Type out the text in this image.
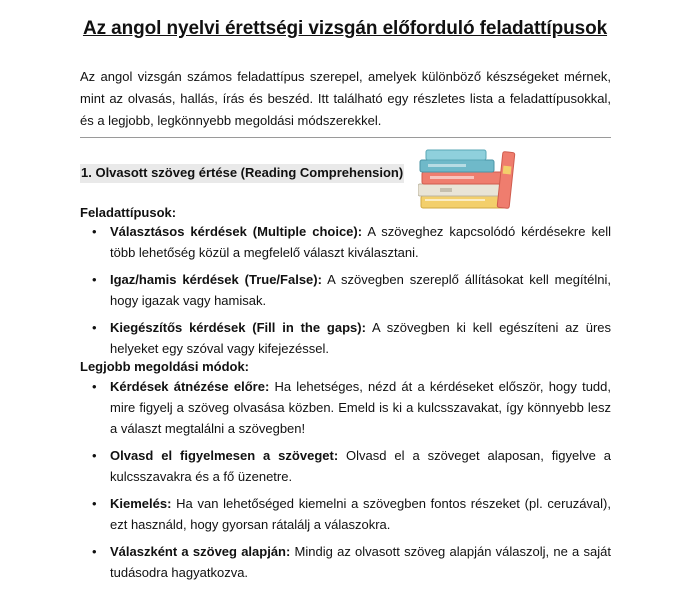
Az angol nyelvi érettségi vizsgán előforduló feladattípusok
Az angol vizsgán számos feladattípus szerepel, amelyek különböző készségeket mérnek, mint az olvasás, hallás, írás és beszéd. Itt található egy részletes lista a feladattípusokkal, és a legjobb, legkönnyebb megoldási módszerekkel.
1. Olvasott szöveg értése (Reading Comprehension)
Feladattípusok:
• Választásos kérdések (Multiple choice): A szöveghez kapcsolódó kérdésekre kell több lehetőség közül a megfelelő választ kiválasztani.
• Igaz/hamis kérdések (True/False): A szövegben szereplő állításokat kell megítélni, hogy igazak vagy hamisak.
• Kiegészítős kérdések (Fill in the gaps): A szövegben ki kell egészíteni az üres helyeket egy szóval vagy kifejezéssel.
Legjobb megoldási módok:
• Kérdések átnézése előre: Ha lehetséges, nézd át a kérdéseket először, hogy tudd, mire figyelj a szöveg olvasása közben. Emeld is ki a kulcsszavakat, így könnyebb lesz a választ megtalálni a szövegben!
• Olvasd el figyelmesen a szöveget: Olvasd el a szöveget alaposan, figyelve a kulcsszavakra és a fő üzenetre.
• Kiemelés: Ha van lehetőséged kiemelni a szövegben fontos részeket (pl. ceruzával), ezt használd, hogy gyorsan rátalálj a válaszokra.
• Válaszként a szöveg alapján: Mindig az olvasott szöveg alapján válaszolj, ne a saját tudásodra hagyatkozva.
